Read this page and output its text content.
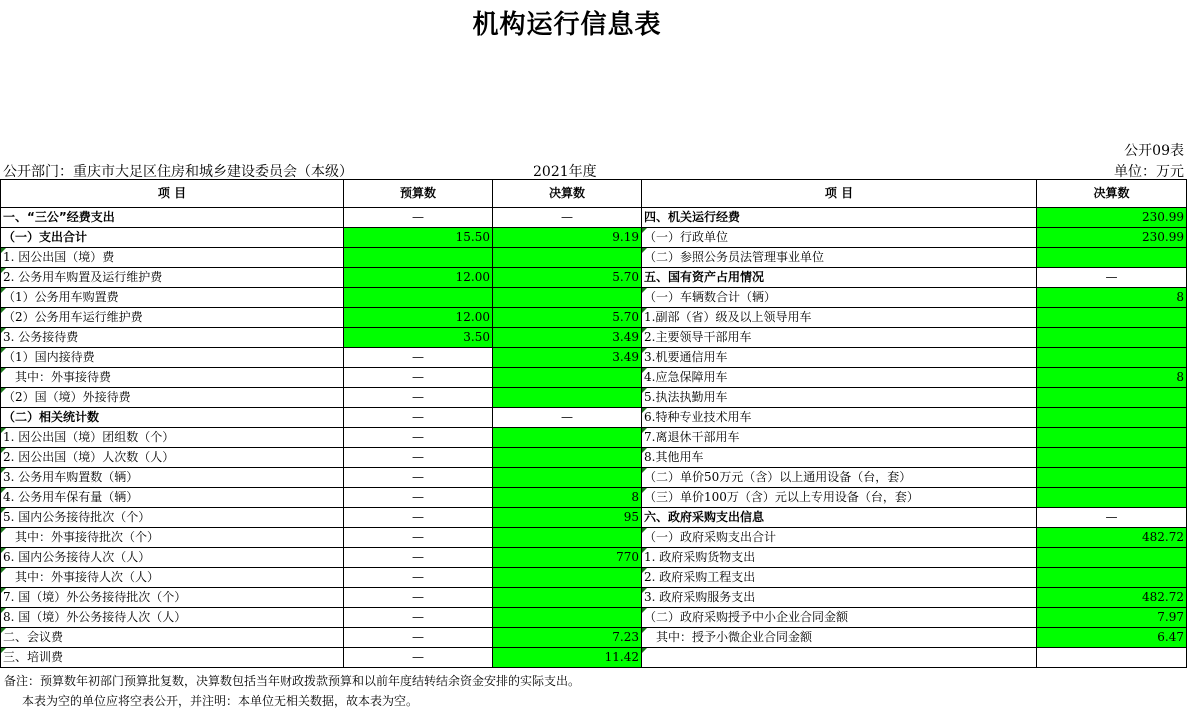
机构运行信息表
公开09表
公开部门：重庆市大足区住房和城乡建设委员会（本级）	2021年度	单位：万元
项 目	预算数	决算数	项 目	决算数
一、“三公”经费支出	—	—	四、机关运行经费	230.99
（一）支出合计	15.50	9.19	（一）行政单位	230.99
1. 因公出国（境）费			（二）参照公务员法管理事业单位	
2. 公务用车购置及运行维护费	12.00	5.70	五、国有资产占用情况	—
（1）公务用车购置费			（一）车辆数合计（辆）	8
（2）公务用车运行维护费	12.00	5.70	1.副部（省）级及以上领导用车	
3. 公务接待费	3.50	3.49	2.主要领导干部用车	
（1）国内接待费	—	3.49	3.机要通信用车	
　其中：外事接待费	—		4.应急保障用车	8
（2）国（境）外接待费	—		5.执法执勤用车	
（二）相关统计数	—	—	6.特种专业技术用车	
1. 因公出国（境）团组数（个）	—		7.离退休干部用车	
2. 因公出国（境）人次数（人）	—		8.其他用车	
3. 公务用车购置数（辆）	—		（二）单价50万元（含）以上通用设备（台，套）	
4. 公务用车保有量（辆）	—	8	（三）单价100万（含）元以上专用设备（台，套）	
5. 国内公务接待批次（个）	—	95	六、政府采购支出信息	—
　其中：外事接待批次（个）	—		（一）政府采购支出合计	482.72
6. 国内公务接待人次（人）	—	770	1. 政府采购货物支出	
　其中：外事接待人次（人）	—		2. 政府采购工程支出	
7. 国（境）外公务接待批次（个）	—		3. 政府采购服务支出	482.72
8. 国（境）外公务接待人次（人）	—		（二）政府采购授予中小企业合同金额	7.97
二、会议费	—	7.23	　其中：授予小微企业合同金额	6.47
三、培训费	—	11.42		
备注：预算数年初部门预算批复数，决算数包括当年财政拨款预算和以前年度结转结余资金安排的实际支出。
本表为空的单位应将空表公开，并注明：本单位无相关数据，故本表为空。
